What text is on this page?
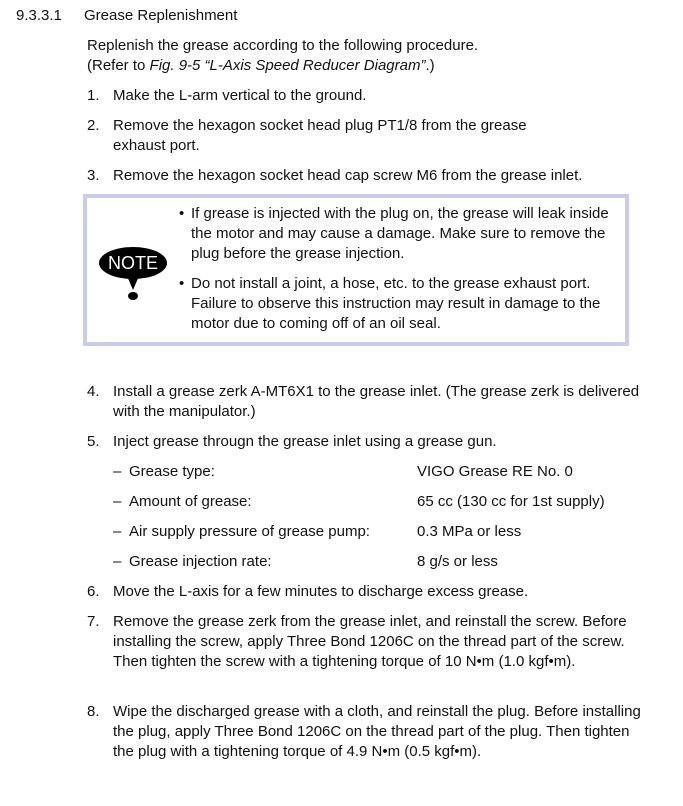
9.3.3.1 Grease Replenishment
Replenish the grease according to the following procedure.
(Refer to Fig. 9-5 “L-Axis Speed Reducer Diagram”.)
1. Make the L-arm vertical to the ground.
2. Remove the hexagon socket head plug PT1/8 from the grease exhaust port.
3. Remove the hexagon socket head cap screw M6 from the grease inlet.
NOTE
• If grease is injected with the plug on, the grease will leak inside the motor and may cause a damage. Make sure to remove the plug before the grease injection.
• Do not install a joint, a hose, etc. to the grease exhaust port. Failure to observe this instruction may result in damage to the motor due to coming off of an oil seal.
4. Install a grease zerk A-MT6X1 to the grease inlet. (The grease zerk is delivered with the manipulator.)
5. Inject grease througn the grease inlet using a grease gun.
– Grease type:	VIGO Grease RE No. 0
– Amount of grease:	65 cc (130 cc for 1st supply)
– Air supply pressure of grease pump:	0.3 MPa or less
– Grease injection rate:	8 g/s or less
6. Move the L-axis for a few minutes to discharge excess grease.
7. Remove the grease zerk from the grease inlet, and reinstall the screw. Before installing the screw, apply Three Bond 1206C on the thread part of the screw. Then tighten the screw with a tightening torque of 10 N•m (1.0 kgf•m).
8. Wipe the discharged grease with a cloth, and reinstall the plug. Before installing the plug, apply Three Bond 1206C on the thread part of the plug. Then tighten the plug with a tightening torque of 4.9 N•m (0.5 kgf•m).
